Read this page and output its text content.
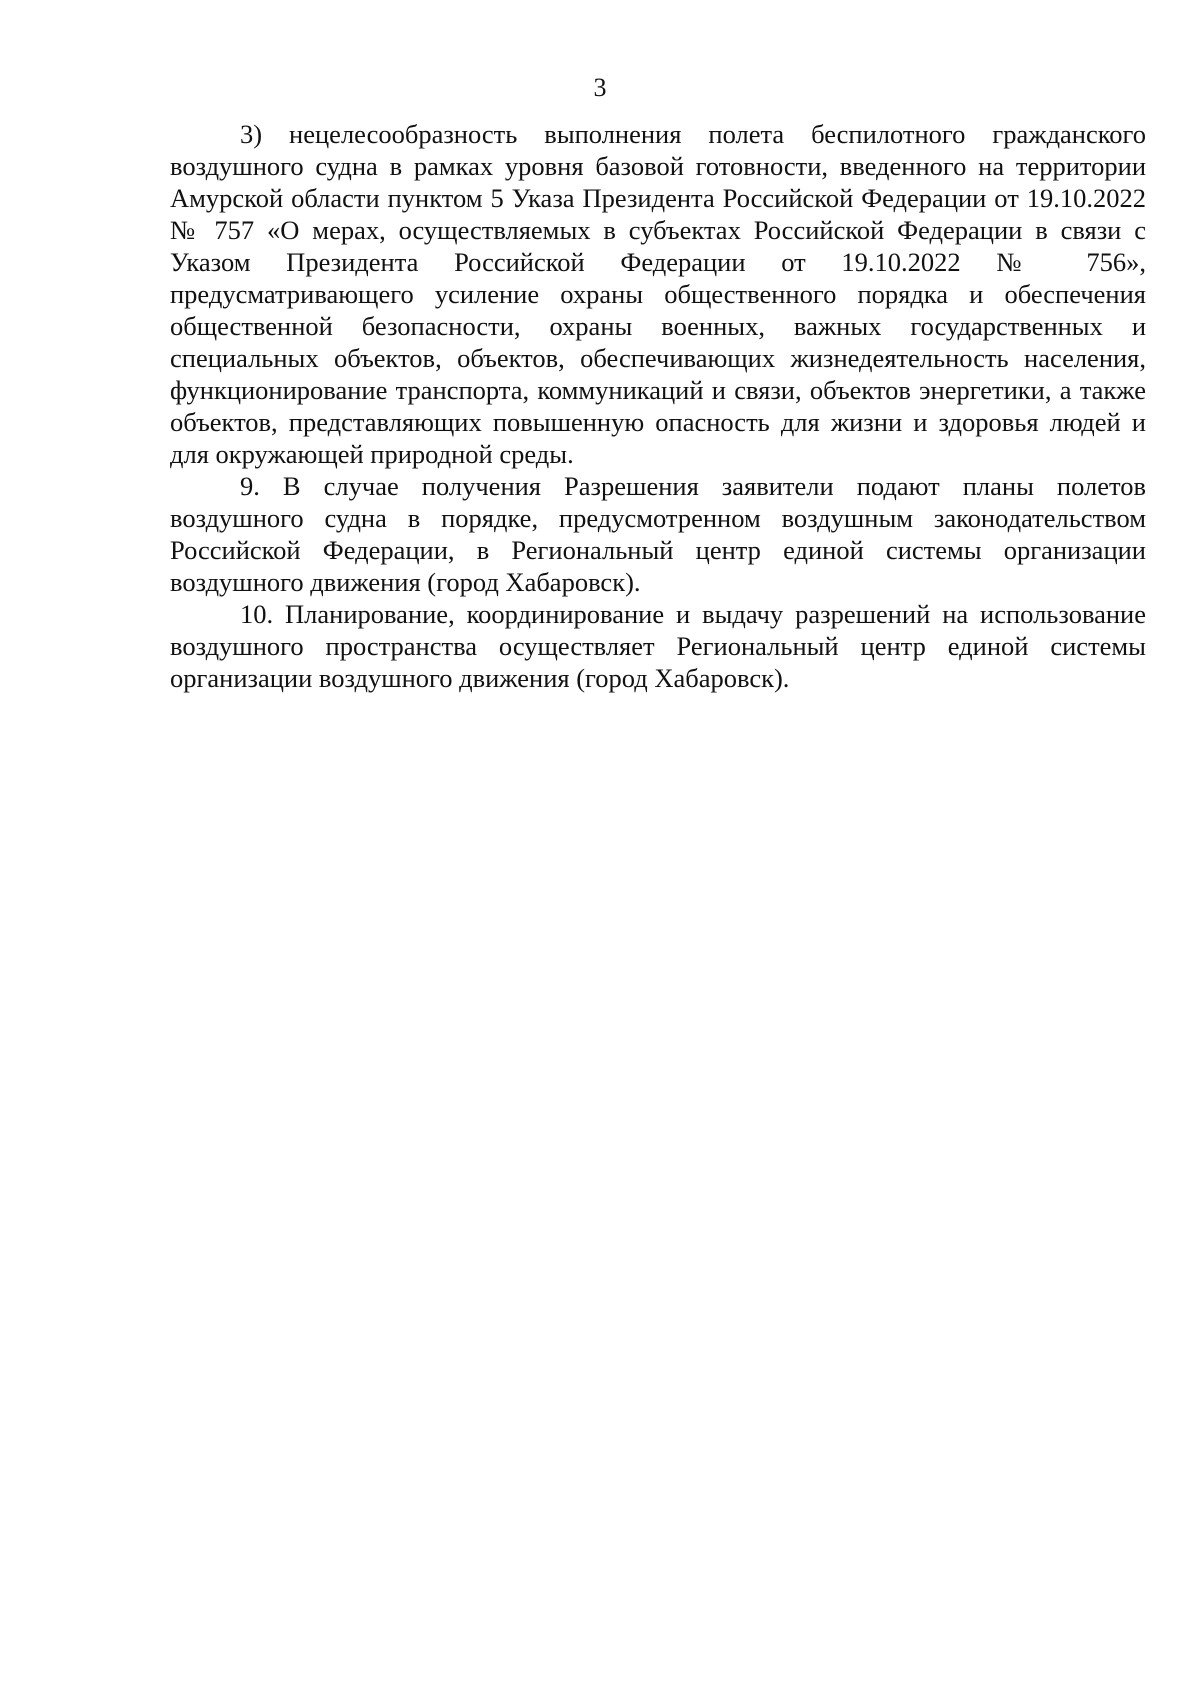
3

3) нецелесообразность выполнения полета беспилотного гражданского воздушного судна в рамках уровня базовой готовности, введенного на территории Амурской области пунктом 5 Указа Президента Российской Федерации от 19.10.2022 № 757 «О мерах, осуществляемых в субъектах Российской Федерации в связи с Указом Президента Российской Федерации от 19.10.2022 № 756», предусматривающего усиление охраны общественного порядка и обеспечения общественной безопасности, охраны военных, важных государственных и специальных объектов, объектов, обеспечивающих жизнедеятельность населения, функционирование транспорта, коммуникаций и связи, объектов энергетики, а также объектов, представляющих повышенную опасность для жизни и здоровья людей и для окружающей природной среды.

9. В случае получения Разрешения заявители подают планы полетов воздушного судна в порядке, предусмотренном воздушным законодательством Российской Федерации, в Региональный центр единой системы организации воздушного движения (город Хабаровск).

10. Планирование, координирование и выдачу разрешений на использование воздушного пространства осуществляет Региональный центр единой системы организации воздушного движения (город Хабаровск).
